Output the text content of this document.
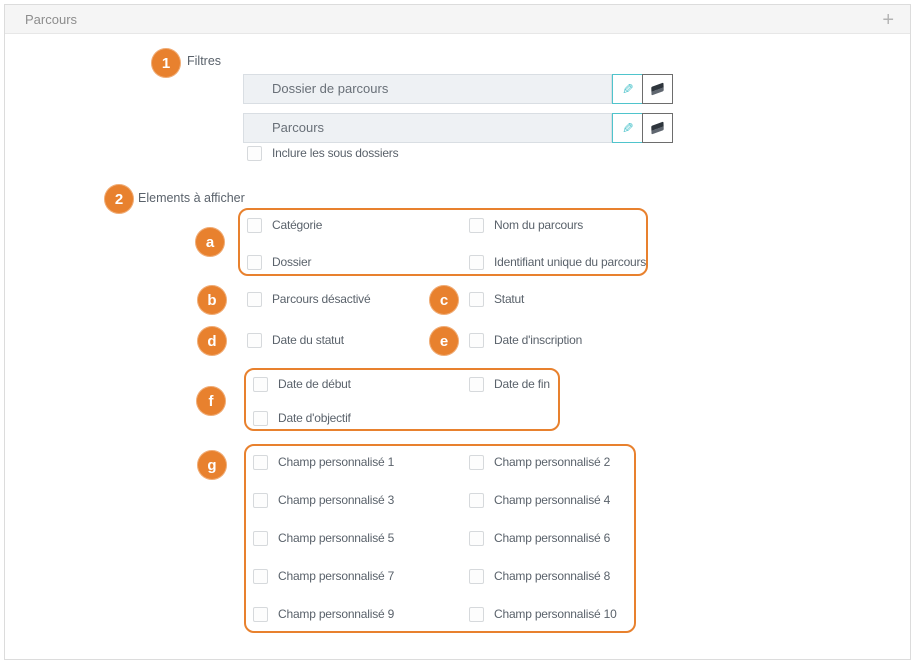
Parcours	+
1	Filtres
Dossier de parcours	✎
Parcours	✎
Inclure les sous dossiers
2	Elements à afficher
a
Catégorie	Nom du parcours
Dossier	Identifiant unique du parcours
b	Parcours désactivé	c	Statut
d	Date du statut	e	Date d'inscription
f
Date de début	Date de fin
Date d'objectif
g	Champ personnalisé 1	Champ personnalisé 2
Champ personnalisé 3	Champ personnalisé 4
Champ personnalisé 5	Champ personnalisé 6
Champ personnalisé 7	Champ personnalisé 8
Champ personnalisé 9	Champ personnalisé 10
